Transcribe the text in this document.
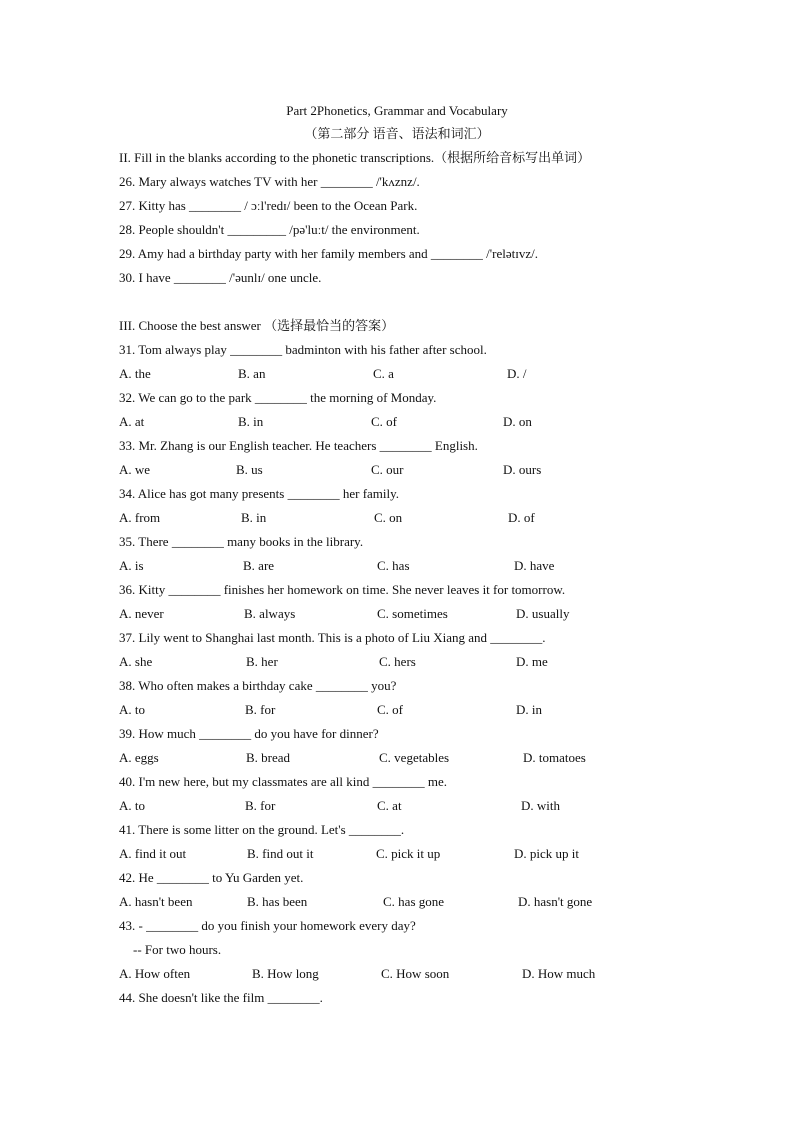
Part 2Phonetics, Grammar and Vocabulary
（第二部分 语音、语法和词汇）
II. Fill in the blanks according to the phonetic transcriptions.（根据所给音标写出单词）
26. Mary always watches TV with her ________ /'kʌznz/.
27. Kitty has ________ / ɔːl'redɪ/ been to the Ocean Park.
28. People shouldn't _________ /pə'luːt/ the environment.
29. Amy had a birthday party with her family members and ________ /'relətɪvz/.
30. I have ________ /'əunlɪ/ one uncle.
III. Choose the best answer （选择最恰当的答案）
31. Tom always play ________ badminton with his father after school.
A. the	B. an	C. a	D. /
32. We can go to the park ________ the morning of Monday.
A. at	B. in	C. of	D. on
33. Mr. Zhang is our English teacher. He teachers ________ English.
A. we	B. us	C. our	D. ours
34. Alice has got many presents ________ her family.
A. from	B. in	C. on	D. of
35. There ________ many books in the library.
A. is	B. are	C. has	D. have
36. Kitty ________ finishes her homework on time. She never leaves it for tomorrow.
A. never	B. always	C. sometimes	D. usually
37. Lily went to Shanghai last month. This is a photo of Liu Xiang and ________.
A. she	B. her	C. hers	D. me
38. Who often makes a birthday cake ________ you?
A. to	B. for	C. of	D. in
39. How much ________ do you have for dinner?
A. eggs	B. bread	C. vegetables	D. tomatoes
40. I'm new here, but my classmates are all kind ________ me.
A. to	B. for	C. at	D. with
41. There is some litter on the ground. Let's ________.
A. find it out	B. find out it	C. pick it up	D. pick up it
42. He ________ to Yu Garden yet.
A. hasn't been	B. has been	C. has gone	D. hasn't gone
43. - ________ do you finish your homework every day?
-- For two hours.
A. How often	B. How long	C. How soon	D. How much
44. She doesn't like the film ________.
